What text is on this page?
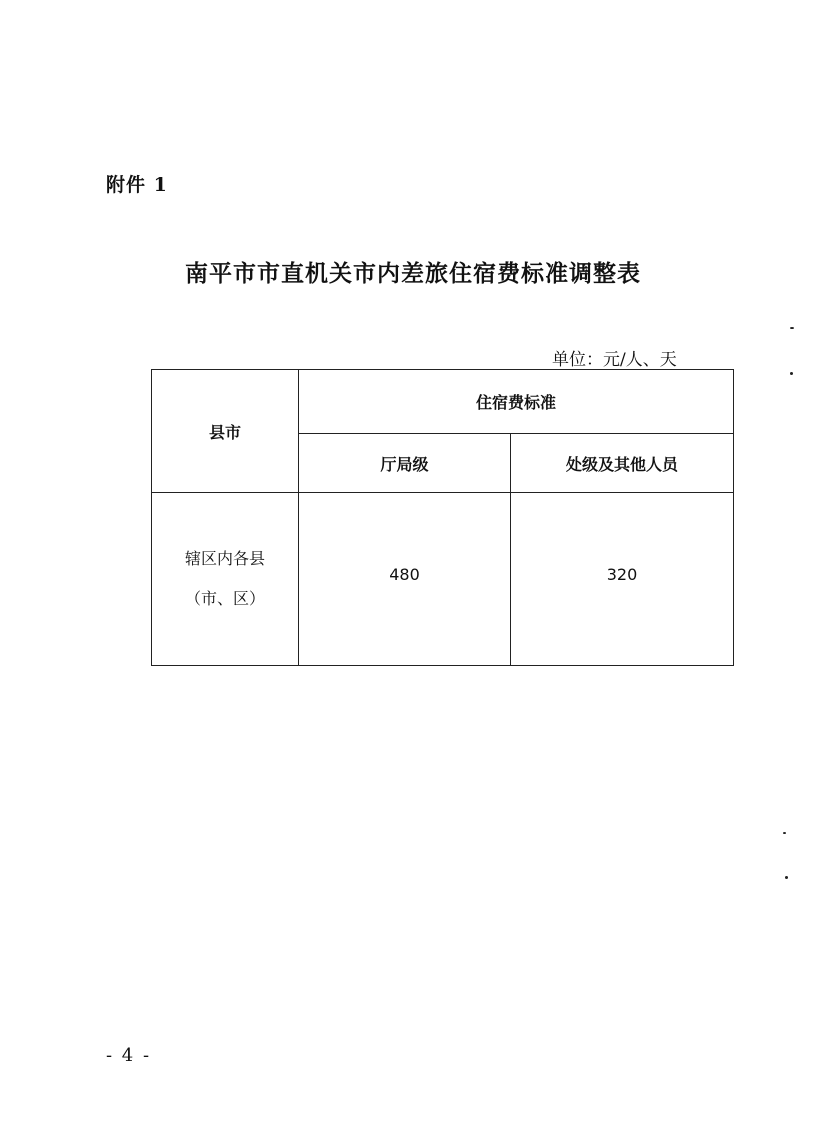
附件 1
南平市市直机关市内差旅住宿费标准调整表
单位：元/人、天
县市	住宿费标准	
	厅局级	处级及其他人员

辖区内各县
（市、区）	480	320
- 4 -
